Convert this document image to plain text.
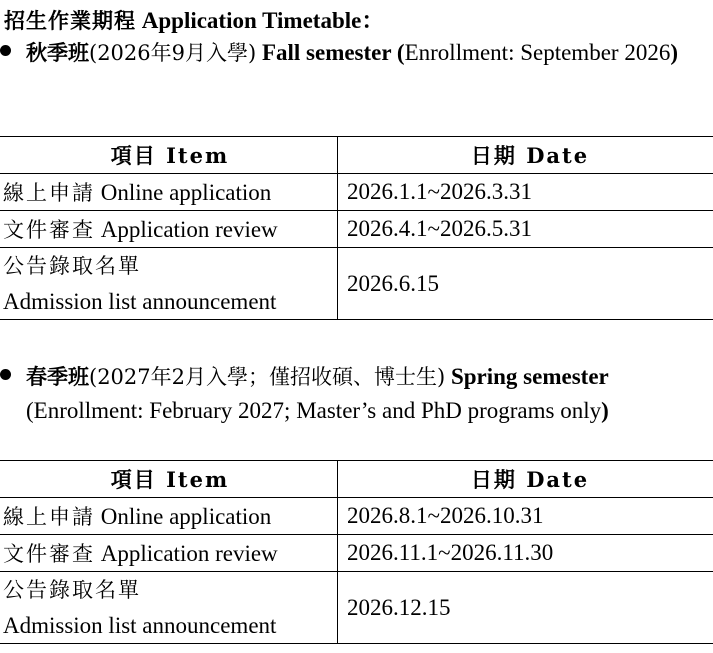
招生作業期程 Application Timetable：
秋季班(2026年9月入學) Fall semester (Enrollment: September 2026)
項目 Item	日期 Date
線上申請 Online application	2026.1.1~2026.3.31
文件審查 Application review	2026.4.1~2026.5.31
公告錄取名單
Admission list announcement	2026.6.15
春季班(2027年2月入學；僅招收碩、博士生) Spring semester
(Enrollment: February 2027; Master’s and PhD programs only)
項目 Item	日期 Date
線上申請 Online application	2026.8.1~2026.10.31
文件審查 Application review	2026.11.1~2026.11.30
公告錄取名單
Admission list announcement	2026.12.15
